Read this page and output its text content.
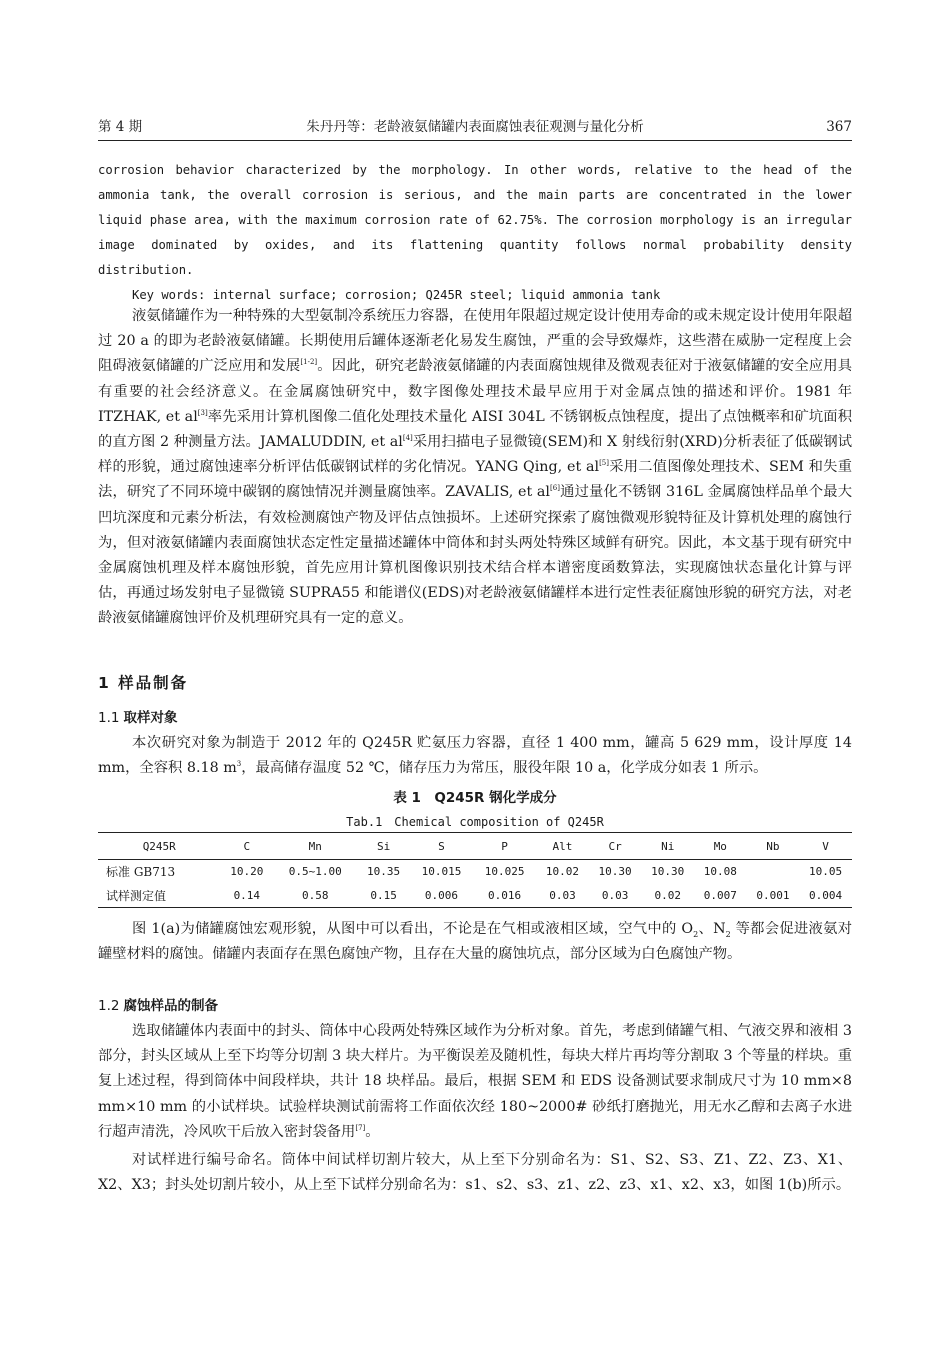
第 4 期	朱丹丹等：老龄液氨储罐内表面腐蚀表征观测与量化分析	367

corrosion behavior characterized by the morphology. In other words, relative to the head of the ammonia tank, the overall corrosion is serious, and the main parts are concentrated in the lower liquid phase area, with the maximum corrosion rate of 62.75%. The corrosion morphology is an irregular image dominated by oxides, and its flattening quantity follows normal probability density distribution.

Key words: internal surface; corrosion; Q245R steel; liquid ammonia tank

液氨储罐作为一种特殊的大型氨制冷系统压力容器，在使用年限超过规定设计使用寿命的或未规定设计使用年限超过 20 a 的即为老龄液氨储罐。长期使用后罐体逐渐老化易发生腐蚀，严重的会导致爆炸，这些潜在威胁一定程度上会阻碍液氨储罐的广泛应用和发展[1-2]。因此，研究老龄液氨储罐的内表面腐蚀规律及微观表征对于液氨储罐的安全应用具有重要的社会经济意义。在金属腐蚀研究中，数字图像处理技术最早应用于对金属点蚀的描述和评价。1981 年 ITZHAK, et al[3]率先采用计算机图像二值化处理技术量化 AISI 304L 不锈钢板点蚀程度，提出了点蚀概率和矿坑面积的直方图 2 种测量方法。JAMALUDDIN, et al[4]采用扫描电子显微镜(SEM)和 X 射线衍射(XRD)分析表征了低碳钢试样的形貌，通过腐蚀速率分析评估低碳钢试样的劣化情况。YANG Qing, et al[5]采用二值图像处理技术、SEM 和失重法，研究了不同环境中碳钢的腐蚀情况并测量腐蚀率。ZAVALIS, et al[6]通过量化不锈钢 316L 金属腐蚀样品单个最大凹坑深度和元素分析法，有效检测腐蚀产物及评估点蚀损坏。上述研究探索了腐蚀微观形貌特征及计算机处理的腐蚀行为，但对液氨储罐内表面腐蚀状态定性定量描述罐体中筒体和封头两处特殊区域鲜有研究。因此，本文基于现有研究中金属腐蚀机理及样本腐蚀形貌，首先应用计算机图像识别技术结合样本谱密度函数算法，实现腐蚀状态量化计算与评估，再通过场发射电子显微镜 SUPRA55 和能谱仪(EDS)对老龄液氨储罐样本进行定性表征腐蚀形貌的研究方法，对老龄液氨储罐腐蚀评价及机理研究具有一定的意义。

1 样品制备
1.1 取样对象

本次研究对象为制造于 2012 年的 Q245R 贮氨压力容器，直径 1 400 mm，罐高 5 629 mm，设计厚度 14 mm，全容积 8.18 $m^3$，最高储存温度 52 ℃，储存压力为常压，服役年限 10 a，化学成分如表 1 所示。

表 1　Q245R 钢化学成分
Tab.1　Chemical composition of Q245R
Q245R	C	Mn	Si	S	P	Alt	Cr	Ni	Mo	Nb	V
标准 GB713	10.20	0.5~1.00	10.35	10.015	10.025	10.02	10.30	10.30	10.08		10.05
试样测定值	0.14	0.58	0.15	0.006	0.016	0.03	0.03	0.02	0.007	0.001	0.004

图 1(a)为储罐腐蚀宏观形貌，从图中可以看出，不论是在气相或液相区域，空气中的 $O_2$、$N_2$ 等都会促进液氨对罐壁材料的腐蚀。储罐内表面存在黑色腐蚀产物，且存在大量的腐蚀坑点，部分区域为白色腐蚀产物。

1.2 腐蚀样品的制备

选取储罐体内表面中的封头、筒体中心段两处特殊区域作为分析对象。首先，考虑到储罐气相、气液交界和液相 3 部分，封头区域从上至下均等分切割 3 块大样片。为平衡误差及随机性，每块大样片再均等分割取 3 个等量的样块。重复上述过程，得到筒体中间段样块，共计 18 块样品。最后，根据 SEM 和 EDS 设备测试要求制成尺寸为 10 mm×8 mm×10 mm 的小试样块。试验样块测试前需将工作面依次经 180~2000# 砂纸打磨抛光，用无水乙醇和去离子水进行超声清洗，冷风吹干后放入密封袋备用[7]。

对试样进行编号命名。筒体中间试样切割片较大，从上至下分别命名为：S1、S2、S3、Z1、Z2、Z3、X1、X2、X3；封头处切割片较小，从上至下试样分别命名为：s1、s2、s3、z1、z2、z3、x1、x2、x3，如图 1(b)所示。
